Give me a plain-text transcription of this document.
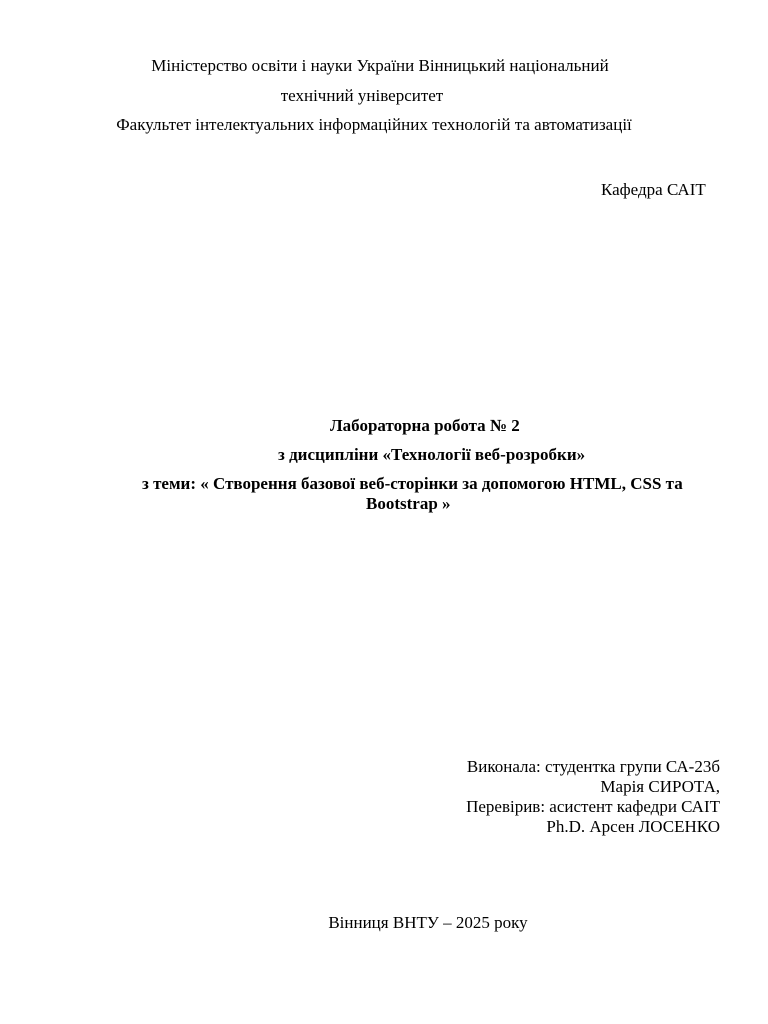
Міністерство освіти і науки України Вінницький національний
технічний університет
Факультет інтелектуальних інформаційних технологій та автоматизації
Кафедра САІТ
Лабораторна робота № 2
з дисципліни «Технології веб-розробки»
з теми: « Створення базової веб-сторінки за допомогою HTML, CSS та
Bootstrap »
Виконала: студентка групи СА-23б
Марія СИРОТА,
Перевірив: асистент кафедри САІТ
Ph.D. Арсен ЛОСЕНКО
Вінниця ВНТУ – 2025 року
